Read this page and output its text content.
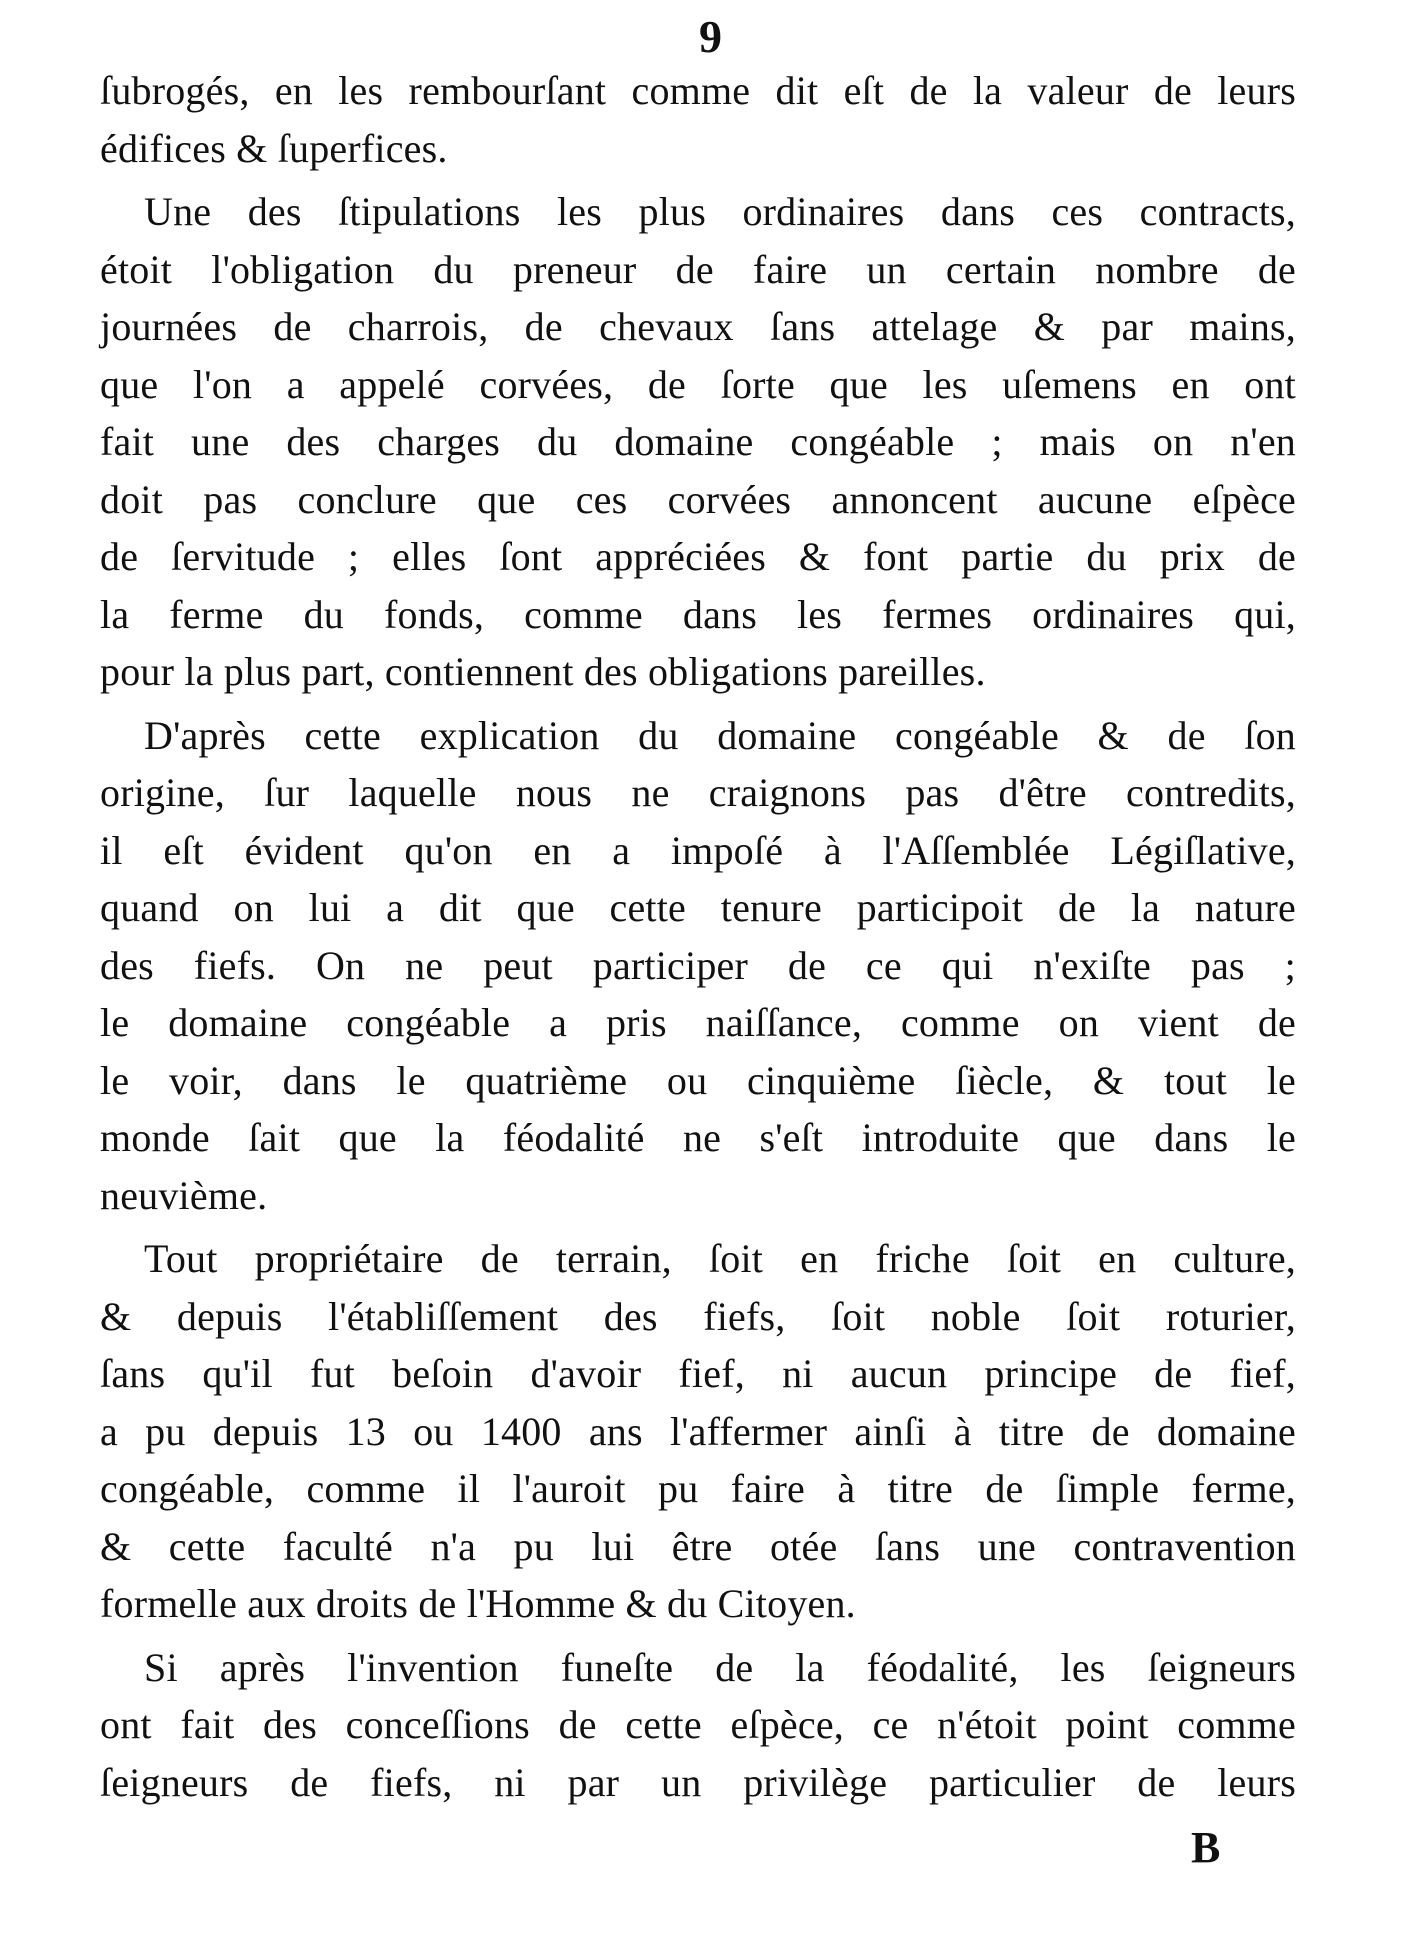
9
ſubrogés, en les rembourſant comme dit eſt de la valeur de leurs
édifices & ſuperfices.
Une des ſtipulations les plus ordinaires dans ces contracts,
étoit l'obligation du preneur de faire un certain nombre de
journées de charrois, de chevaux ſans attelage & par mains,
que l'on a appelé corvées, de ſorte que les uſemens en ont
fait une des charges du domaine congéable ; mais on n'en
doit pas conclure que ces corvées annoncent aucune eſpèce
de ſervitude ; elles ſont appréciées & font partie du prix de
la ferme du fonds, comme dans les fermes ordinaires qui,
pour la plus part, contiennent des obligations pareilles.
D'après cette explication du domaine congéable & de ſon
origine, ſur laquelle nous ne craignons pas d'être contredits,
il eſt évident qu'on en a impoſé à l'Aſſemblée Légiſlative,
quand on lui a dit que cette tenure participoit de la nature
des fiefs. On ne peut participer de ce qui n'exiſte pas ;
le domaine congéable a pris naiſſance, comme on vient de
le voir, dans le quatrième ou cinquième ſiècle, & tout le
monde ſait que la féodalité ne s'eſt introduite que dans le
neuvième.
Tout propriétaire de terrain, ſoit en friche ſoit en culture,
& depuis l'établiſſement des fiefs, ſoit noble ſoit roturier,
ſans qu'il fut beſoin d'avoir fief, ni aucun principe de fief,
a pu depuis 13 ou 1400 ans l'affermer ainſi à titre de domaine
congéable, comme il l'auroit pu faire à titre de ſimple ferme,
& cette faculté n'a pu lui être otée ſans une contravention
formelle aux droits de l'Homme & du Citoyen.
Si après l'invention funeſte de la féodalité, les ſeigneurs
ont fait des conceſſions de cette eſpèce, ce n'étoit point comme
ſeigneurs de fiefs, ni par un privilège particulier de leurs
B
